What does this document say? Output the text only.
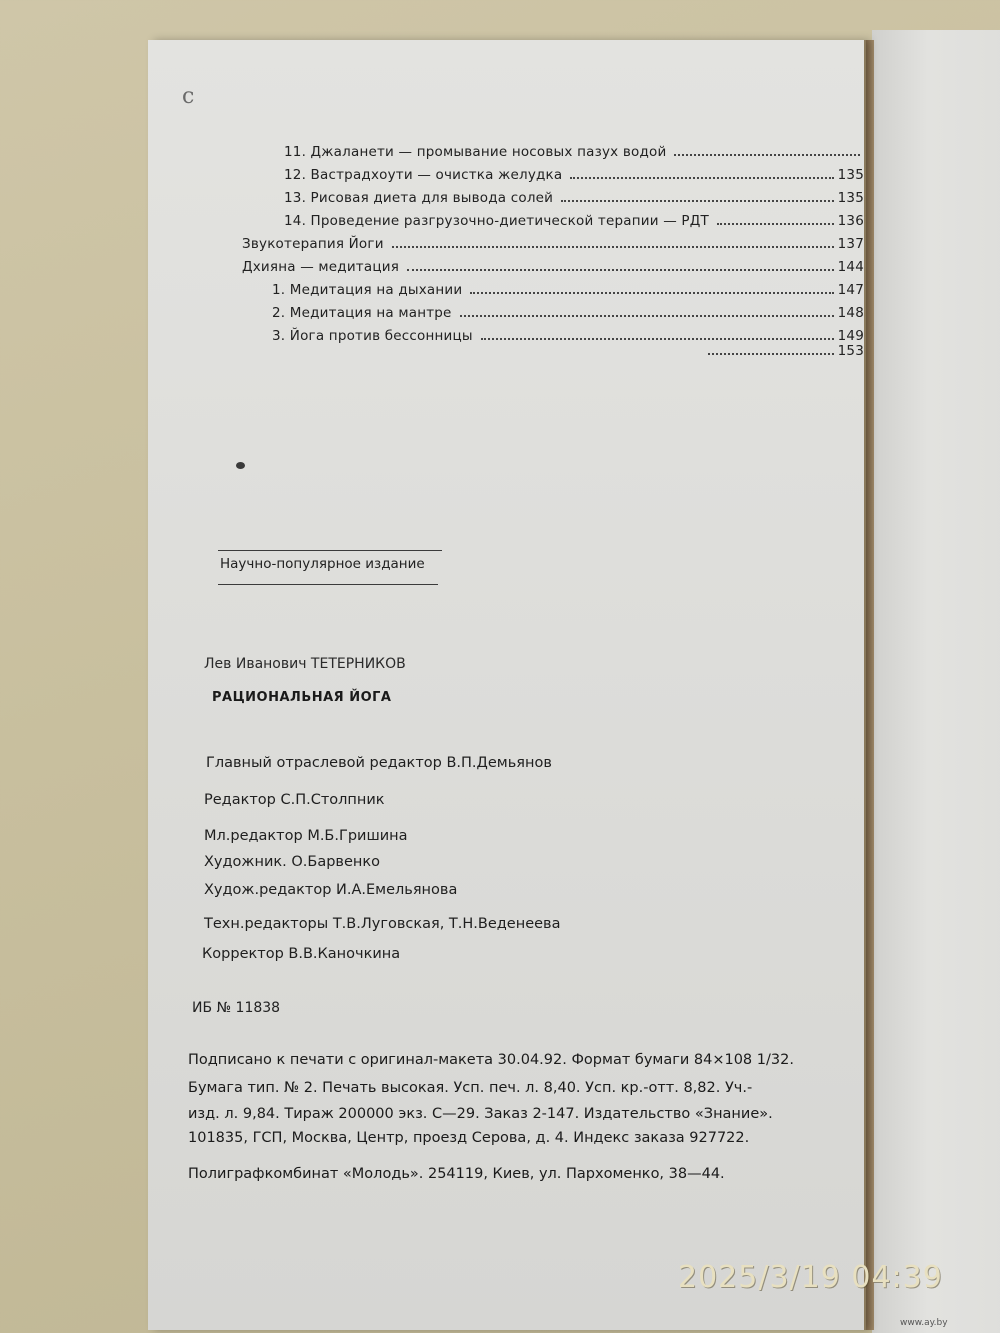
c
11. Джаланети — промывание носовых пазух водой
12. Вастрадхоути — очистка желудка	135
13. Рисовая диета для вывода солей	135
14. Проведение разгрузочно-диетической терапии — РДТ	136
Звукотерапия Йоги	137
Дхияна — медитация	144
1. Медитация на дыхании	147
2. Медитация на мантре	148
3. Йога против бессонницы	149
153
Научно-популярное издание
Лев Иванович ТЕТЕРНИКОВ
РАЦИОНАЛЬНАЯ ЙОГА
Главный отраслевой редактор В.П.Демьянов
Редактор С.П.Столпник
Мл.редактор М.Б.Гришина
Художник. О.Барвенко
Худож.редактор И.А.Емельянова
Техн.редакторы Т.В.Луговская, Т.Н.Веденеева
Корректор В.В.Каночкина
ИБ № 11838
Подписано к печати с оригинал-макета 30.04.92. Формат бумаги 84×108 1/32.
Бумага тип. № 2. Печать высокая. Усп. печ. л. 8,40. Усп. кр.-отт. 8,82. Уч.-
изд. л. 9,84. Тираж 200000 экз. С—29. Заказ 2-147. Издательство «Знание».
101835, ГСП, Москва, Центр, проезд Серова, д. 4. Индекс заказа 927722.
Полиграфкомбинат «Молодь». 254119, Киев, ул. Пархоменко, 38—44.
2025/3/19 04:39
www.ay.by
